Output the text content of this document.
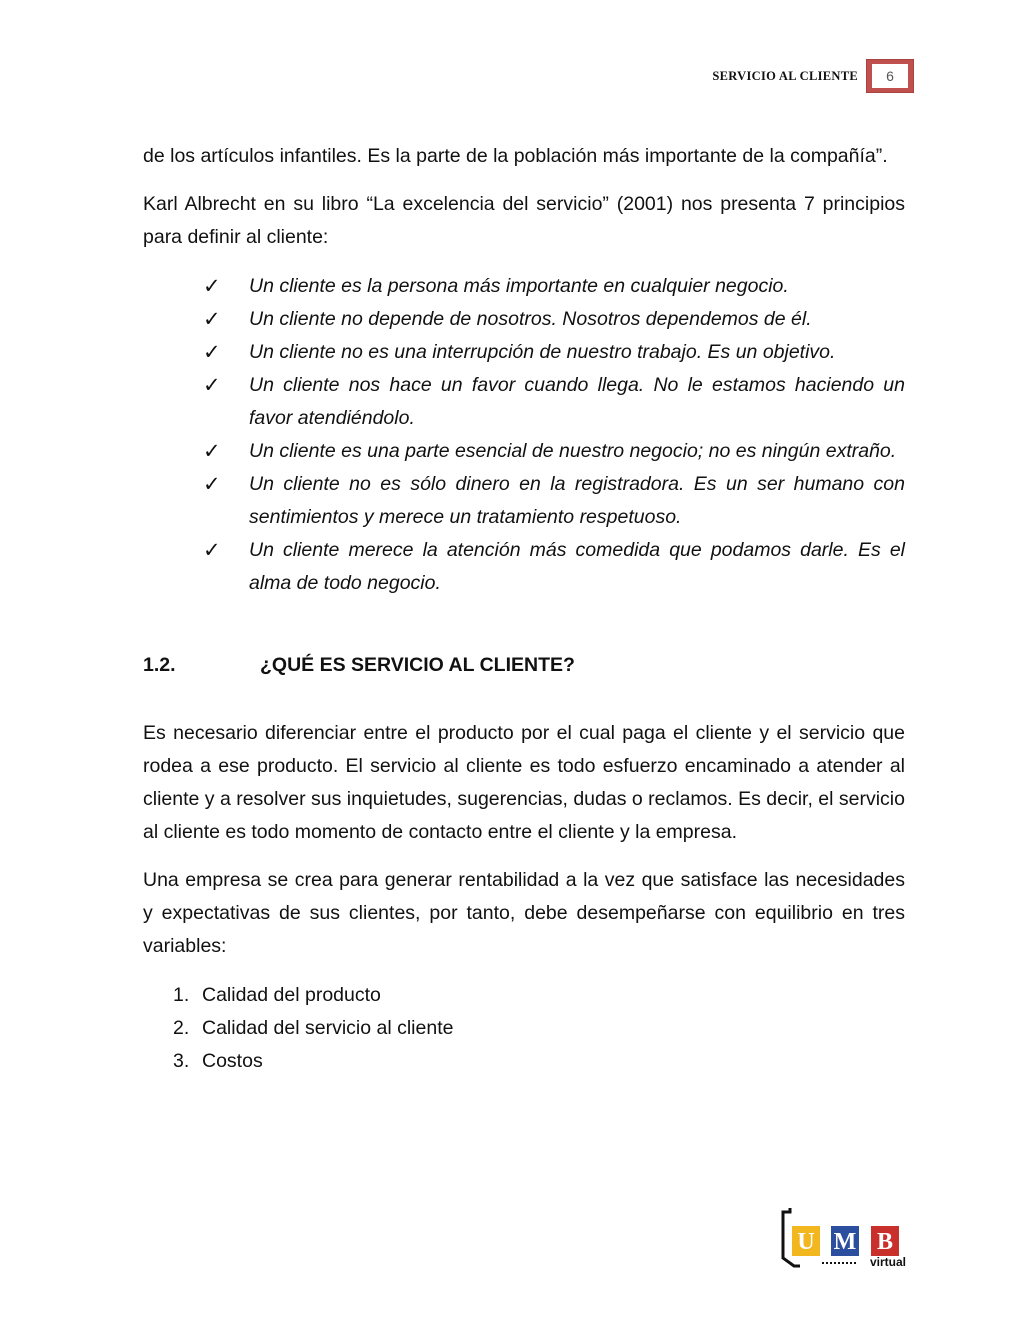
SERVICIO AL CLIENTE	6

de los artículos infantiles. Es la parte de la población más importante de la compañía”.

Karl Albrecht en su libro “La excelencia del servicio” (2001) nos presenta 7 principios para definir al cliente:

✓ Un cliente es la persona más importante en cualquier negocio.
✓ Un cliente no depende de nosotros. Nosotros dependemos de él.
✓ Un cliente no es una interrupción de nuestro trabajo. Es un objetivo.
✓ Un cliente nos hace un favor cuando llega. No le estamos haciendo un favor atendiéndolo.
✓ Un cliente es una parte esencial de nuestro negocio; no es ningún extraño.
✓ Un cliente no es sólo dinero en la registradora. Es un ser humano con sentimientos y merece un tratamiento respetuoso.
✓ Un cliente merece la atención más comedida que podamos darle. Es el alma de todo negocio.
1.2.	¿QUÉ ES SERVICIO AL CLIENTE?

Es necesario diferenciar entre el producto por el cual paga el cliente y el servicio que rodea a ese producto. El servicio al cliente es todo esfuerzo encaminado a atender al cliente y a resolver sus inquietudes, sugerencias, dudas o reclamos. Es decir, el servicio al cliente es todo momento de contacto entre el cliente y la empresa.

Una empresa se crea para generar rentabilidad a la vez que satisface las necesidades y expectativas de sus clientes, por tanto, debe desempeñarse con equilibrio en tres variables:

1. Calidad del producto
2. Calidad del servicio al cliente
3. Costos
U M B
virtual
